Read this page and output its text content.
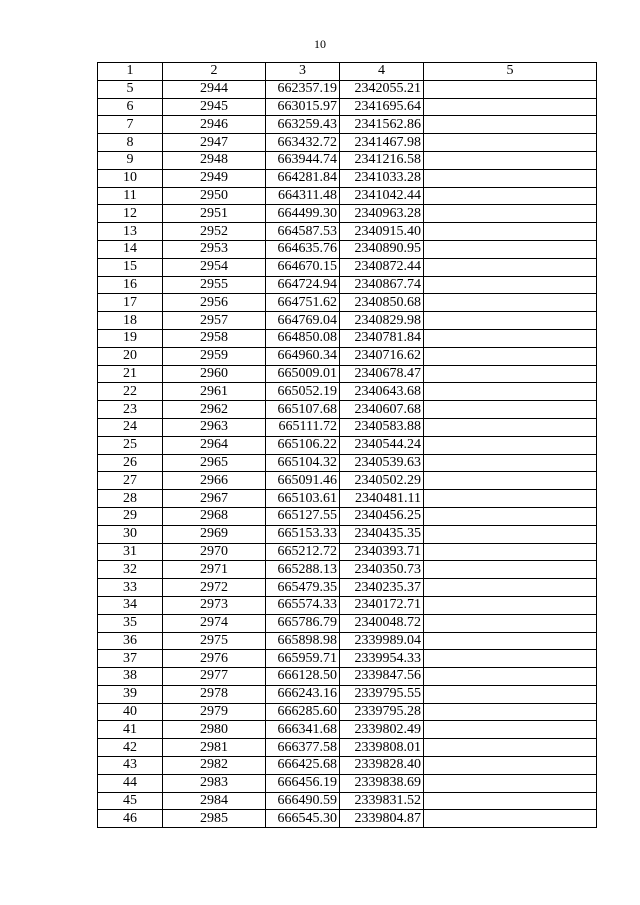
10
1	2	3	4	5
5	2944	662357.19	2342055.21	
6	2945	663015.97	2341695.64	
7	2946	663259.43	2341562.86	
8	2947	663432.72	2341467.98	
9	2948	663944.74	2341216.58	
10	2949	664281.84	2341033.28	
11	2950	664311.48	2341042.44	
12	2951	664499.30	2340963.28	
13	2952	664587.53	2340915.40	
14	2953	664635.76	2340890.95	
15	2954	664670.15	2340872.44	
16	2955	664724.94	2340867.74	
17	2956	664751.62	2340850.68	
18	2957	664769.04	2340829.98	
19	2958	664850.08	2340781.84	
20	2959	664960.34	2340716.62	
21	2960	665009.01	2340678.47	
22	2961	665052.19	2340643.68	
23	2962	665107.68	2340607.68	
24	2963	665111.72	2340583.88	
25	2964	665106.22	2340544.24	
26	2965	665104.32	2340539.63	
27	2966	665091.46	2340502.29	
28	2967	665103.61	2340481.11	
29	2968	665127.55	2340456.25	
30	2969	665153.33	2340435.35	
31	2970	665212.72	2340393.71	
32	2971	665288.13	2340350.73	
33	2972	665479.35	2340235.37	
34	2973	665574.33	2340172.71	
35	2974	665786.79	2340048.72	
36	2975	665898.98	2339989.04	
37	2976	665959.71	2339954.33	
38	2977	666128.50	2339847.56	
39	2978	666243.16	2339795.55	
40	2979	666285.60	2339795.28	
41	2980	666341.68	2339802.49	
42	2981	666377.58	2339808.01	
43	2982	666425.68	2339828.40	
44	2983	666456.19	2339838.69	
45	2984	666490.59	2339831.52	
46	2985	666545.30	2339804.87	
